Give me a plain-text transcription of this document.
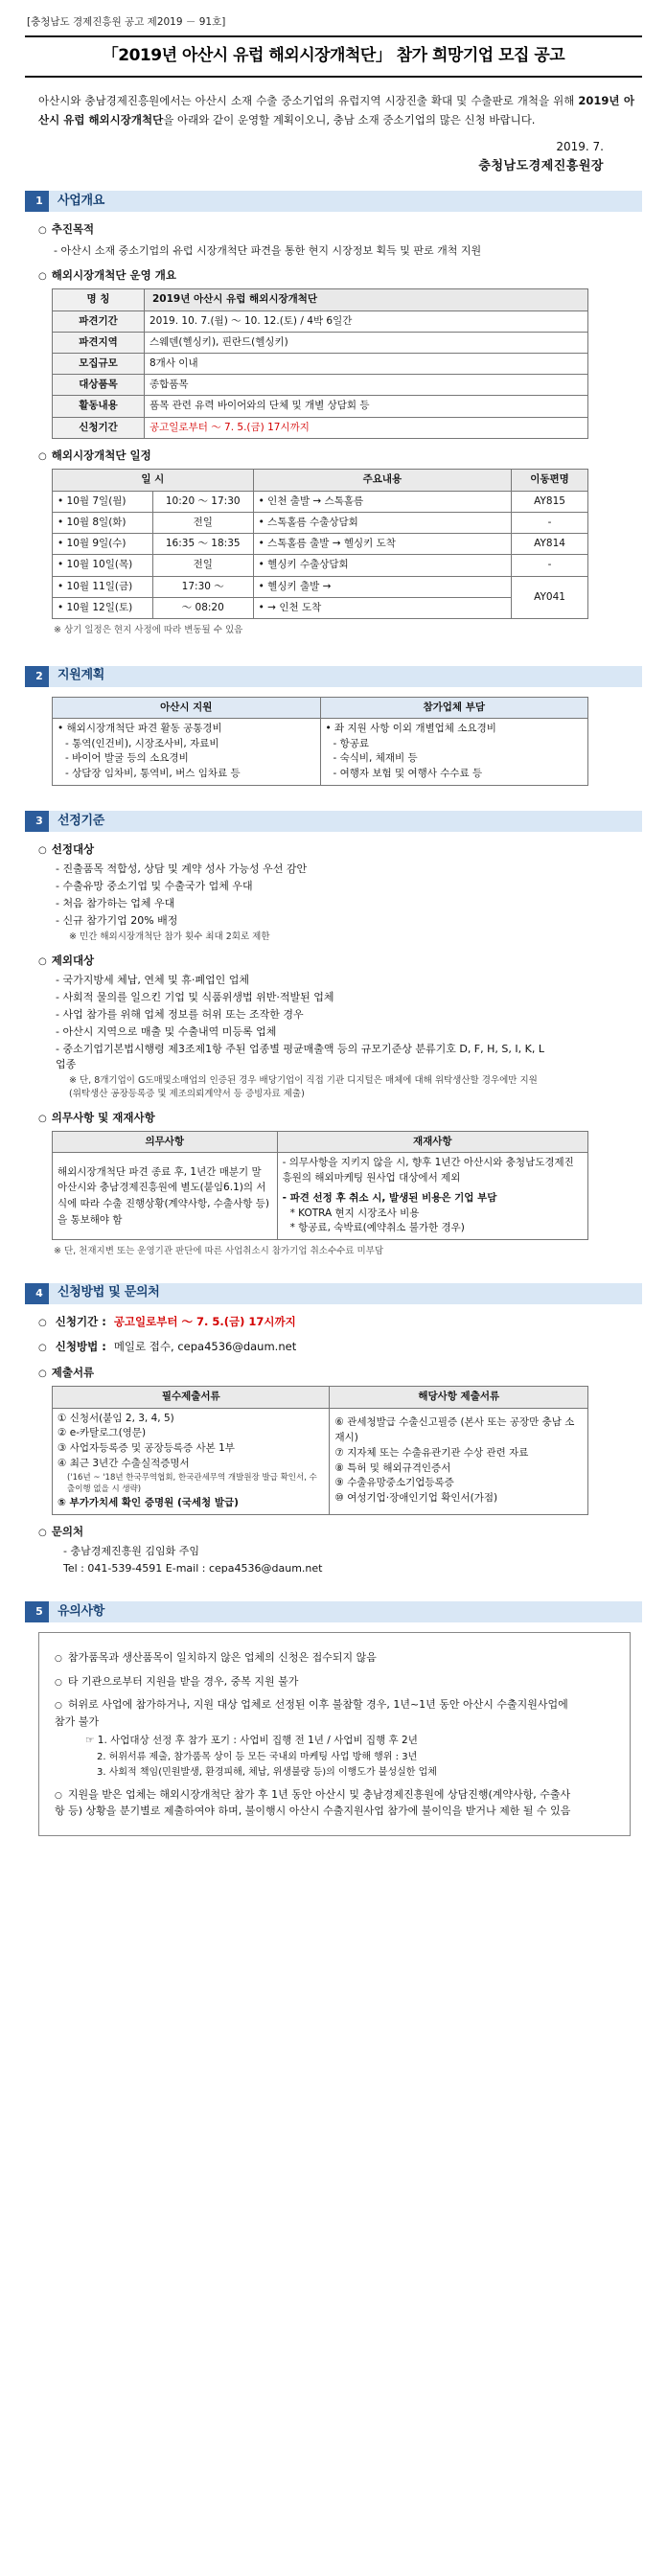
[충청남도 경제진흥원 공고 제2019 － 91호]
「2019년 아산시 유럽 해외시장개척단」 참가 희망기업 모집 공고
아산시와 충남경제진흥원에서는 아산시 소재 수출 중소기업의 유럽지역 시장진출 확대 및 수출판로 개척을 위해 2019년 아산시 유럽 해외시장개척단을 아래와 같이 운영할 계획이오니, 충남 소재 중소기업의 많은 신청 바랍니다.
2019. 7.
충청남도경제진흥원장
1	사업개요
○ 추진목적
- 아산시 소재 중소기업의 유럽 시장개척단 파견을 통한 현지 시장정보 획득 및 판로 개척 지원
○ 해외시장개척단 운영 개요
명 칭	2019년 아산시 유럽 해외시장개척단
파견기간	2019. 10. 7.(월) ～ 10. 12.(토) / 4박 6일간
파견지역	스웨덴(헬싱키), 핀란드(헬싱키)
모집규모	8개사 이내
대상품목	종합품목
활동내용	품목 관련 유력 바이어와의 단체 및 개별 상담회 등
신청기간	공고일로부터 ～ 7. 5.(금) 17시까지
○ 해외시장개척단 일정
일 시		주요내용	이동편명
• 10월 7일(월)	10:20 ～ 17:30	• 인천 출발 → 스톡홀름	AY815
• 10월 8일(화)	전일	• 스톡홀름 수출상담회	-
• 10월 9일(수)	16:35 ～ 18:35	• 스톡홀름 출발 → 헬싱키 도착	AY814
• 10월 10일(목)	전일	• 헬싱키 수출상담회	-
• 10월 11일(금)	17:30 ～	• 헬싱키 출발 →	AY041
• 10월 12일(토)	～ 08:20	• → 인천 도착	
※ 상기 일정은 현지 사정에 따라 변동될 수 있음
2	지원계획
아산시 지원	참가업체 부담

• 해외시장개척단 파견 활동 공통경비
- 통역(인건비), 시장조사비, 자료비
- 바이어 발굴 등의 소요경비
- 상담장 임차비, 통역비, 버스 임차료 등

• 좌 지원 사항 이외 개별업체 소요경비
- 항공료
- 숙식비, 체재비 등
- 여행자 보험 및 여행사 수수료 등
3	선정기준
○ 선정대상
- 진출품목 적합성, 상담 및 계약 성사 가능성 우선 감안
- 수출유망 중소기업 및 수출국가 업체 우대
- 처음 참가하는 업체 우대
- 신규 참가기업 20% 배정
※ 민간 해외시장개척단 참가 횟수 최대 2회로 제한
○ 제외대상
- 국가지방세 체납, 연체 및 휴·폐업인 업체
- 사회적 물의를 일으킨 기업 및 식품위생법 위반·적발된 업체
- 사업 참가를 위해 업체 정보를 허위 또는 조작한 경우
- 아산시 지역으로 매출 및 수출내역 미등록 업체
- 중소기업기본법시행령 제3조제1항 주된 업종별 평균매출액 등의 규모기준상 분류기호 D, F, H, S, I, K, L 업종
※ 단, 8개기업이 G도매및소매업의 인증된 경우 배당기업이 직접 기관 디지털은 매체에 대해 위탁생산할 경우에만 지원(위탁생산 공장등록증 및 제조의뢰계약서 등 증빙자료 제출)
○ 의무사항 및 재재사항
의무사항	재재사항
해외시장개척단 파견 종료 후, 1년간 매분기 말 아산시와 충남경제진흥원에 별도(붙임6.1)의 서식에 따라 수출 진행상황(계약사항, 수출사항 등)을 통보해야 함	- 의무사항을 지키지 않을 시, 향후 1년간 아산시와 충청남도경제진흥원의 해외마케팅 원사업 대상에서 제외
- 파견 선정 후 취소 시, 발생된 비용은 기업 부담
* KOTRA 현지 시장조사 비용
* 항공료, 숙박료(예약취소 불가한 경우)
※ 단, 천재지변 또는 운영기관 판단에 따른 사업취소시 참가기업 취소수수료 미부담
4	신청방법 및 문의처
○ 신청기간 : 공고일로부터 ～ 7. 5.(금) 17시까지
○ 신청방법 : 메일로 접수, cepa4536@daum.net
○ 제출서류
필수제출서류	해당사항 제출서류

① 신청서(붙임 2, 3, 4, 5)
② e-카탈로그(영문)
③ 사업자등록증 및 공장등록증 사본 1부
④ 최근 3년간 수출실적증명서
('16년 ~ '18년 한국무역협회, 한국관세무역 개발원장 발급 확인서, 수출이행 없을 시 생략)
⑤ 부가가치세 확인 증명원 (국세청 발급)

⑥ 관세청발급 수출신고필증 (본사 또는 공장만 충남 소재시)
⑦ 지자체 또는 수출유관기관 수상 관련 자료
⑧ 특허 및 해외규격인증서
⑨ 수출유망중소기업등록증
⑩ 여성기업·장애인기업 확인서(가점)
○ 문의처
- 충남경제진흥원 김임화 주임
Tel : 041-539-4591 E-mail : cepa4536@daum.net
5	유의사항
○ 참가품목과 생산품목이 일치하지 않은 업체의 신청은 접수되지 않음
○ 타 기관으로부터 지원을 받을 경우, 중복 지원 불가
○ 허위로 사업에 참가하거나, 지원 대상 업체로 선정된 이후 불참할 경우, 1년~1년 동안 아산시 수출지원사업에 참가 불가
☞ 1. 사업대상 선정 후 참가 포기 : 사업비 집행 전 1년 / 사업비 집행 후 2년
2. 허위서류 제출, 참가품목 상이 등 모든 국내외 마케팅 사업 방해 행위 : 3년
3. 사회적 책임(민원발생, 환경피해, 체납, 위생불량 등)의 이행도가 불성실한 업체
○ 지원을 받은 업체는 해외시장개척단 참가 후 1년 동안 아산시 및 충남경제진흥원에 상담진행(계약사항, 수출사항 등) 상황을 분기별로 제출하여야 하며, 불이행시 아산시 수출지원사업 참가에 불이익을 받거나 제한 될 수 있음
